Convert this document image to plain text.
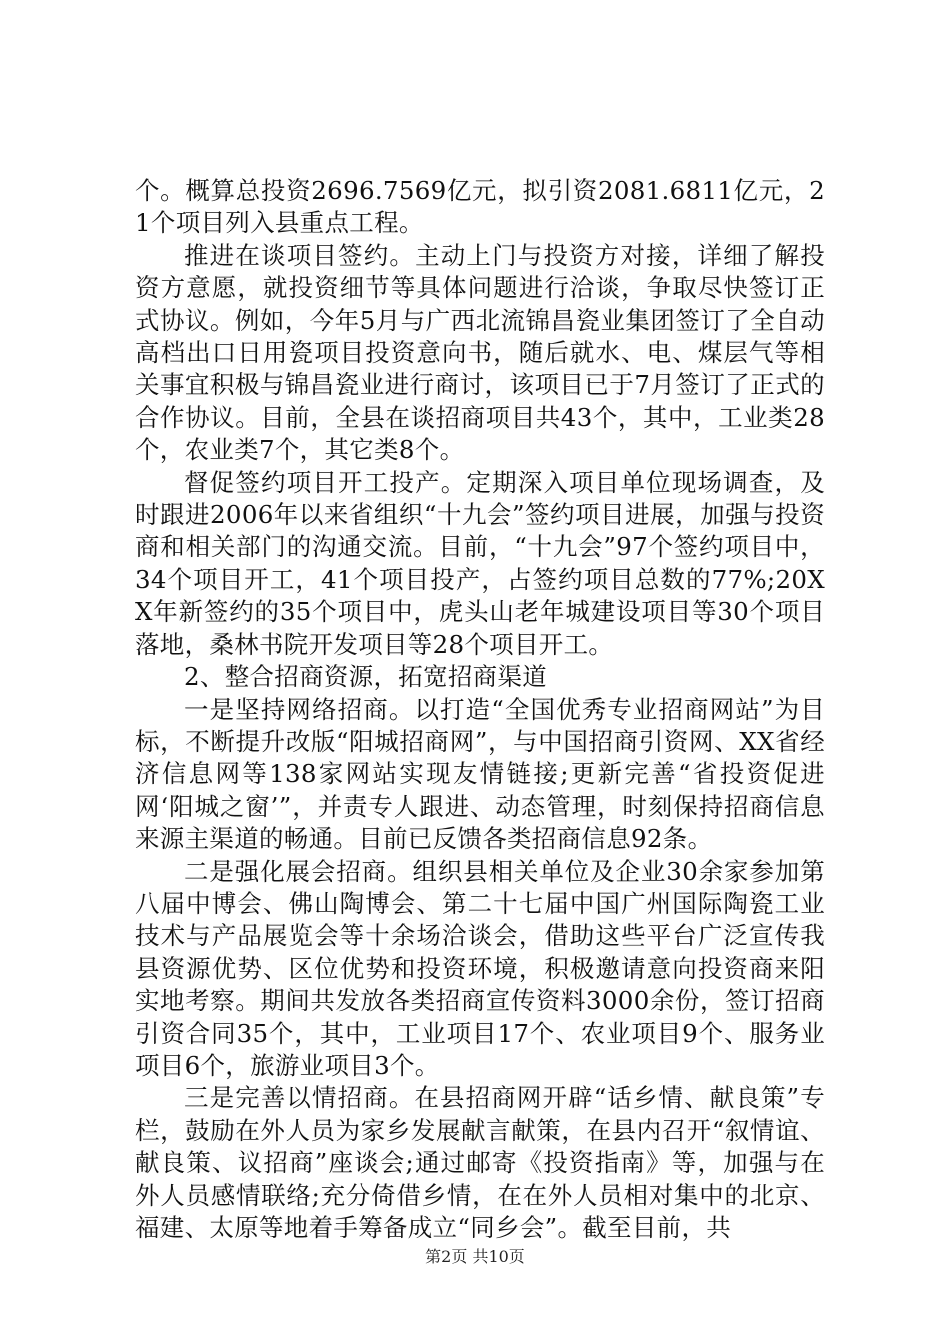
个。概算总投资2696.7569亿元，拟引资2081.6811亿元，21个项目列入县重点工程。

推进在谈项目签约。主动上门与投资方对接，详细了解投资方意愿，就投资细节等具体问题进行洽谈，争取尽快签订正式协议。例如，今年5月与广西北流锦昌瓷业集团签订了全自动高档出口日用瓷项目投资意向书，随后就水、电、煤层气等相关事宜积极与锦昌瓷业进行商讨，该项目已于7月签订了正式的合作协议。目前，全县在谈招商项目共43个，其中，工业类28个，农业类7个，其它类8个。

督促签约项目开工投产。定期深入项目单位现场调查，及时跟进2006年以来省组织“十九会”签约项目进展，加强与投资商和相关部门的沟通交流。目前，“十九会”97个签约项目中，34个项目开工，41个项目投产，占签约项目总数的77%;20XX年新签约的35个项目中，虎头山老年城建设项目等30个项目落地，桑林书院开发项目等28个项目开工。

2、整合招商资源，拓宽招商渠道

一是坚持网络招商。以打造“全国优秀专业招商网站”为目标，不断提升改版“阳城招商网”，与中国招商引资网、XX省经济信息网等138家网站实现友情链接;更新完善“省投资促进网‘阳城之窗’”，并责专人跟进、动态管理，时刻保持招商信息来源主渠道的畅通。目前已反馈各类招商信息92条。

二是强化展会招商。组织县相关单位及企业30余家参加第八届中博会、佛山陶博会、第二十七届中国广州国际陶瓷工业技术与产品展览会等十余场洽谈会，借助这些平台广泛宣传我县资源优势、区位优势和投资环境，积极邀请意向投资商来阳实地考察。期间共发放各类招商宣传资料3000余份，签订招商引资合同35个，其中，工业项目17个、农业项目9个、服务业项目6个，旅游业项目3个。

三是完善以情招商。在县招商网开辟“话乡情、献良策”专栏，鼓励在外人员为家乡发展献言献策，在县内召开“叙情谊、献良策、议招商”座谈会;通过邮寄《投资指南》等，加强与在外人员感情联络;充分倚借乡情，在在外人员相对集中的北京、福建、太原等地着手筹备成立“同乡会”。截至目前，共

第2页 共10页
